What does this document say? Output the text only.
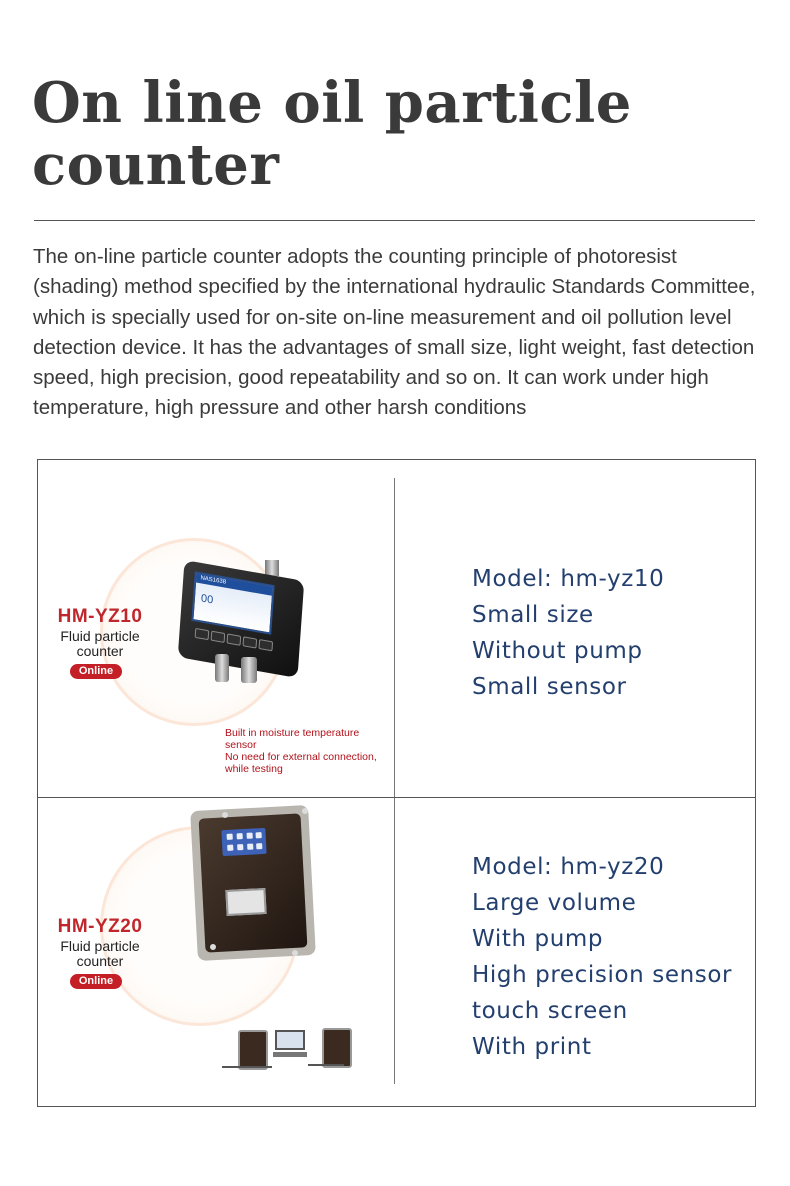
On line oil particle
counter

The on-line particle counter adopts the counting principle of photoresist (shading) method specified by the international hydraulic Standards Committee, which is specially used for on-site on-line measurement and oil pollution level detection device. It has the advantages of small size, light weight, fast detection speed, high precision, good repeatability and so on. It can work under high temperature, high pressure and other harsh conditions

NAS1638
00
HM-YZ10
Fluid particle
counter
Online
Built in moisture temperature
sensor
No need for external connection,
while testing
Model: hm-yz10
Small size
Without pump
Small sensor
HM-YZ20
Fluid particle
counter
Online
Model: hm-yz20
Large volume
With pump
High precision sensor
touch screen
With print
